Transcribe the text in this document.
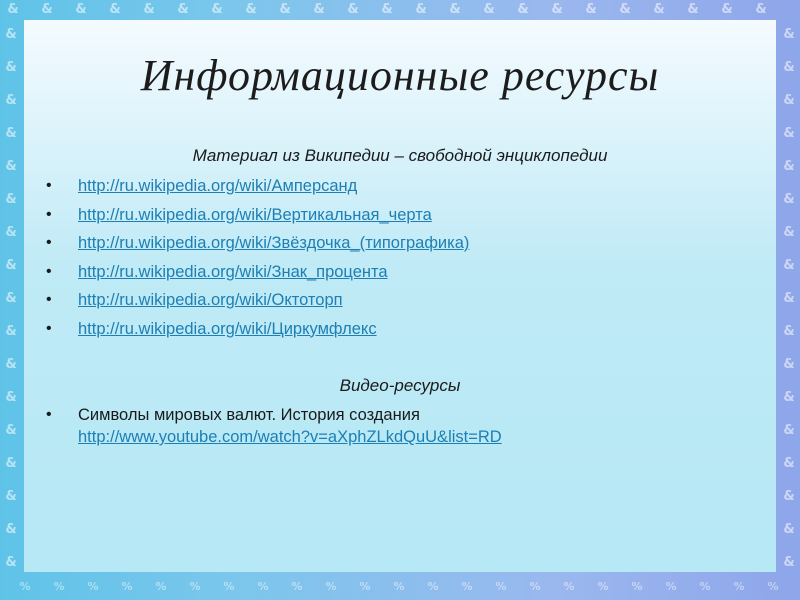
& & & & & & & & & & & & & & & & & & & & & & &
&
&
&
&
&
&
&
&
&
&
&
&
&
&
&
&
&
&
&
&
&
&
&
&
&
&
&
&
&
&
&
&
&
&
% % % % % % % % % % % % % % % % % % % % % % %
Информационные ресурсы

Материал из Википедии – свободной энциклопедии

• http://ru.wikipedia.org/wiki/Амперсанд
• http://ru.wikipedia.org/wiki/Вертикальная_черта
• http://ru.wikipedia.org/wiki/Звёздочка_(типографика)
• http://ru.wikipedia.org/wiki/Знак_процента
• http://ru.wikipedia.org/wiki/Октоторп
• http://ru.wikipedia.org/wiki/Циркумфлекс

Видео-ресурсы

• Символы мировых валют. История создания
http://www.youtube.com/watch?v=aXphZLkdQuU&list=RD
